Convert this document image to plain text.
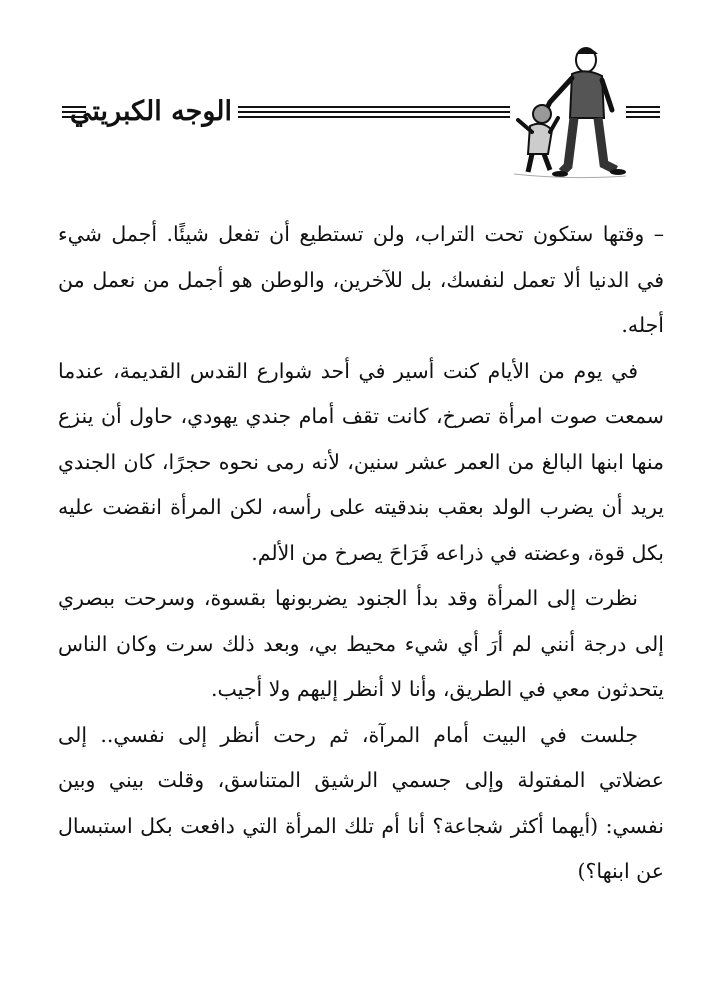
الوجه الكبريتي

– وقتها ستكون تحت التراب، ولن تستطيع أن تفعل شيئًا. أجمل شيء في الدنيا ألا تعمل لنفسك، بل للآخرين، والوطن هو أجمل من نعمل من أجله.

في يوم من الأيام كنت أسير في أحد شوارع القدس القديمة، عندما سمعت صوت امرأة تصرخ، كانت تقف أمام جندي يهودي، حاول أن ينزع منها ابنها البالغ من العمر عشر سنين، لأنه رمى نحوه حجرًا، كان الجندي يريد أن يضرب الولد بعقب بندقيته على رأسه، لكن المرأة انقضت عليه بكل قوة، وعضته في ذراعه فَرَاحَ يصرخ من الألم.

نظرت إلى المرأة وقد بدأ الجنود يضربونها بقسوة، وسرحت ببصري إلى درجة أنني لم أرَ أي شيء محيط بي، وبعد ذلك سرت وكان الناس يتحدثون معي في الطريق، وأنا لا أنظر إليهم ولا أجيب.

جلست في البيت أمام المرآة، ثم رحت أنظر إلى نفسي.. إلى عضلاتي المفتولة وإلى جسمي الرشيق المتناسق، وقلت بيني وبين نفسي: (أيهما أكثر شجاعة؟ أنا أم تلك المرأة التي دافعت بكل استبسال عن ابنها؟)
